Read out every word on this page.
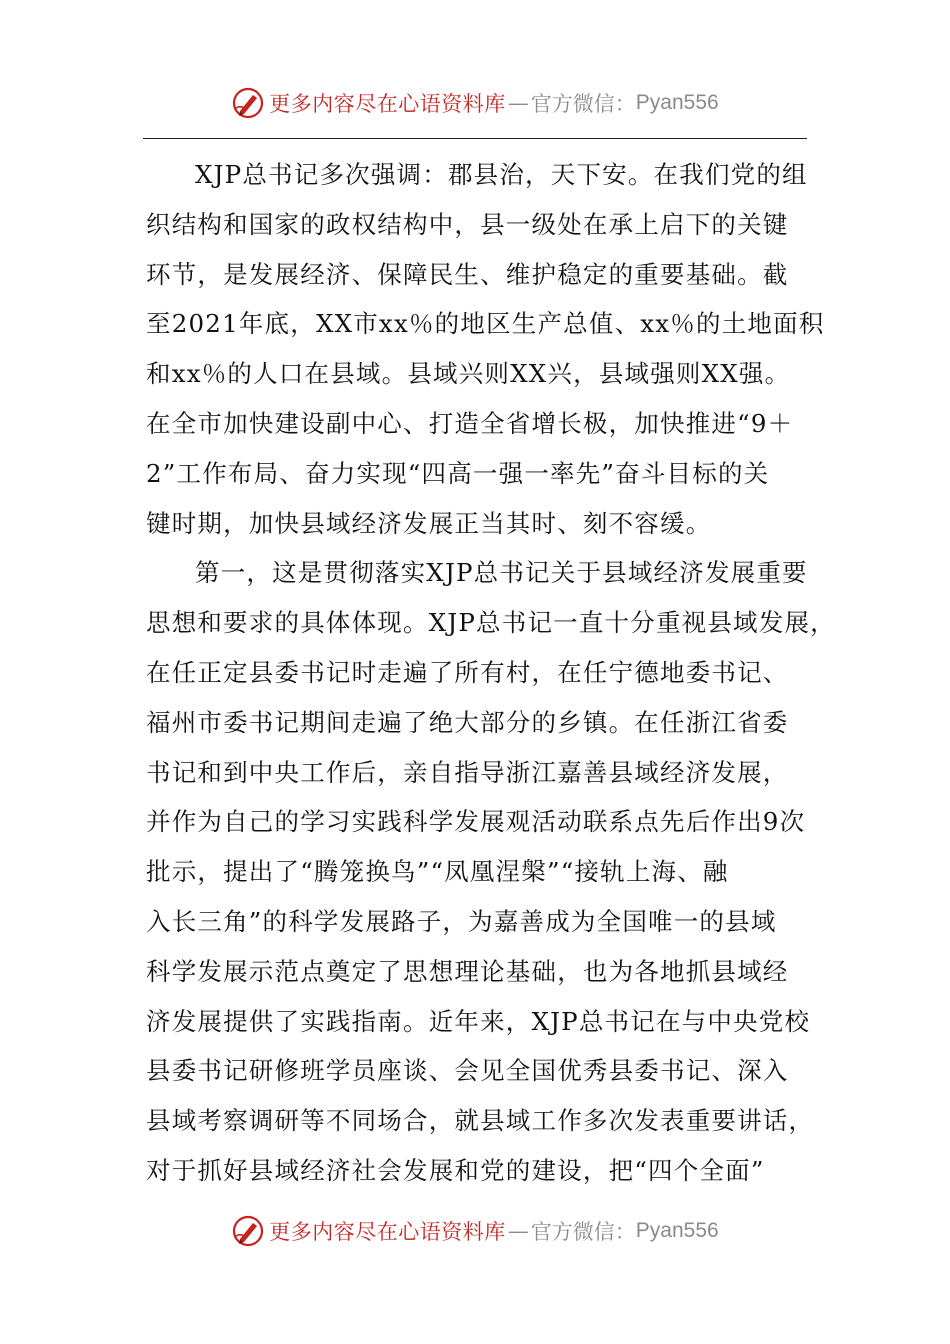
更多内容尽在心语资料库 — 官方微信： Pyan556
XJP总书记多次强调：郡县治，天下安。在我们党的组
织结构和国家的政权结构中，县一级处在承上启下的关键
环节，是发展经济、保障民生、维护稳定的重要基础。截
至2021年底，XX市xx％的地区生产总值、xx％的土地面积
和xx％的人口在县域。县域兴则XX兴，县域强则XX强。
在全市加快建设副中心、打造全省增长极，加快推进“9＋
2”工作布局、奋力实现“四高一强一率先”奋斗目标的关
键时期，加快县域经济发展正当其时、刻不容缓。
第一，这是贯彻落实XJP总书记关于县域经济发展重要
思想和要求的具体体现。XJP总书记一直十分重视县域发展，
在任正定县委书记时走遍了所有村，在任宁德地委书记、
福州市委书记期间走遍了绝大部分的乡镇。在任浙江省委
书记和到中央工作后，亲自指导浙江嘉善县域经济发展，
并作为自己的学习实践科学发展观活动联系点先后作出9次
批示，提出了“腾笼换鸟”“凤凰涅槃”“接轨上海、融
入长三角”的科学发展路子，为嘉善成为全国唯一的县域
科学发展示范点奠定了思想理论基础，也为各地抓县域经
济发展提供了实践指南。近年来，XJP总书记在与中央党校
县委书记研修班学员座谈、会见全国优秀县委书记、深入
县域考察调研等不同场合，就县域工作多次发表重要讲话，
对于抓好县域经济社会发展和党的建设，把“四个全面”
更多内容尽在心语资料库 — 官方微信： Pyan556
